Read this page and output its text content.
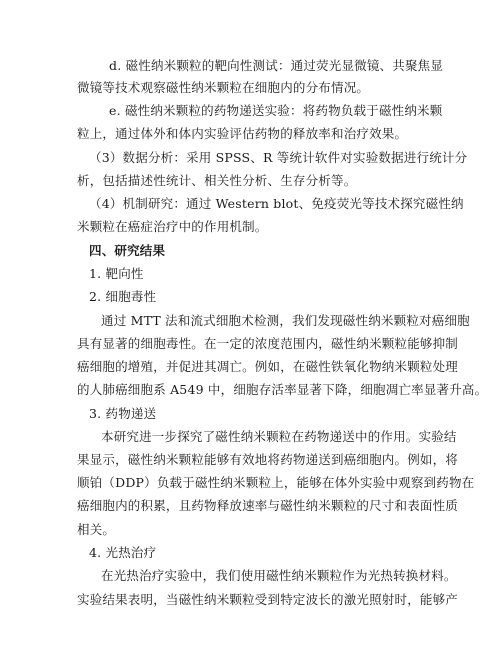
d. 磁性纳米颗粒的靶向性测试：通过荧光显微镜、共聚焦显
微镜等技术观察磁性纳米颗粒在细胞内的分布情况。
e. 磁性纳米颗粒的药物递送实验：将药物负载于磁性纳米颗
粒上，通过体外和体内实验评估药物的释放率和治疗效果。
（3）数据分析：采用 SPSS、R 等统计软件对实验数据进行统计分
析，包括描述性统计、相关性分析、生存分析等。
（4）机制研究：通过 Western blot、免疫荧光等技术探究磁性纳
米颗粒在癌症治疗中的作用机制。
四、研究结果
1. 靶向性
2. 细胞毒性
通过 MTT 法和流式细胞术检测，我们发现磁性纳米颗粒对癌细胞
具有显著的细胞毒性。在一定的浓度范围内，磁性纳米颗粒能够抑制
癌细胞的增殖，并促进其凋亡。例如，在磁性铁氧化物纳米颗粒处理
的人肺癌细胞系 A549 中，细胞存活率显著下降，细胞凋亡率显著升高。
3. 药物递送
本研究进一步探究了磁性纳米颗粒在药物递送中的作用。实验结
果显示，磁性纳米颗粒能够有效地将药物递送到癌细胞内。例如，将
顺铂（DDP）负载于磁性纳米颗粒上，能够在体外实验中观察到药物在
癌细胞内的积累，且药物释放速率与磁性纳米颗粒的尺寸和表面性质
相关。
4. 光热治疗
在光热治疗实验中，我们使用磁性纳米颗粒作为光热转换材料。
实验结果表明，当磁性纳米颗粒受到特定波长的激光照射时，能够产
